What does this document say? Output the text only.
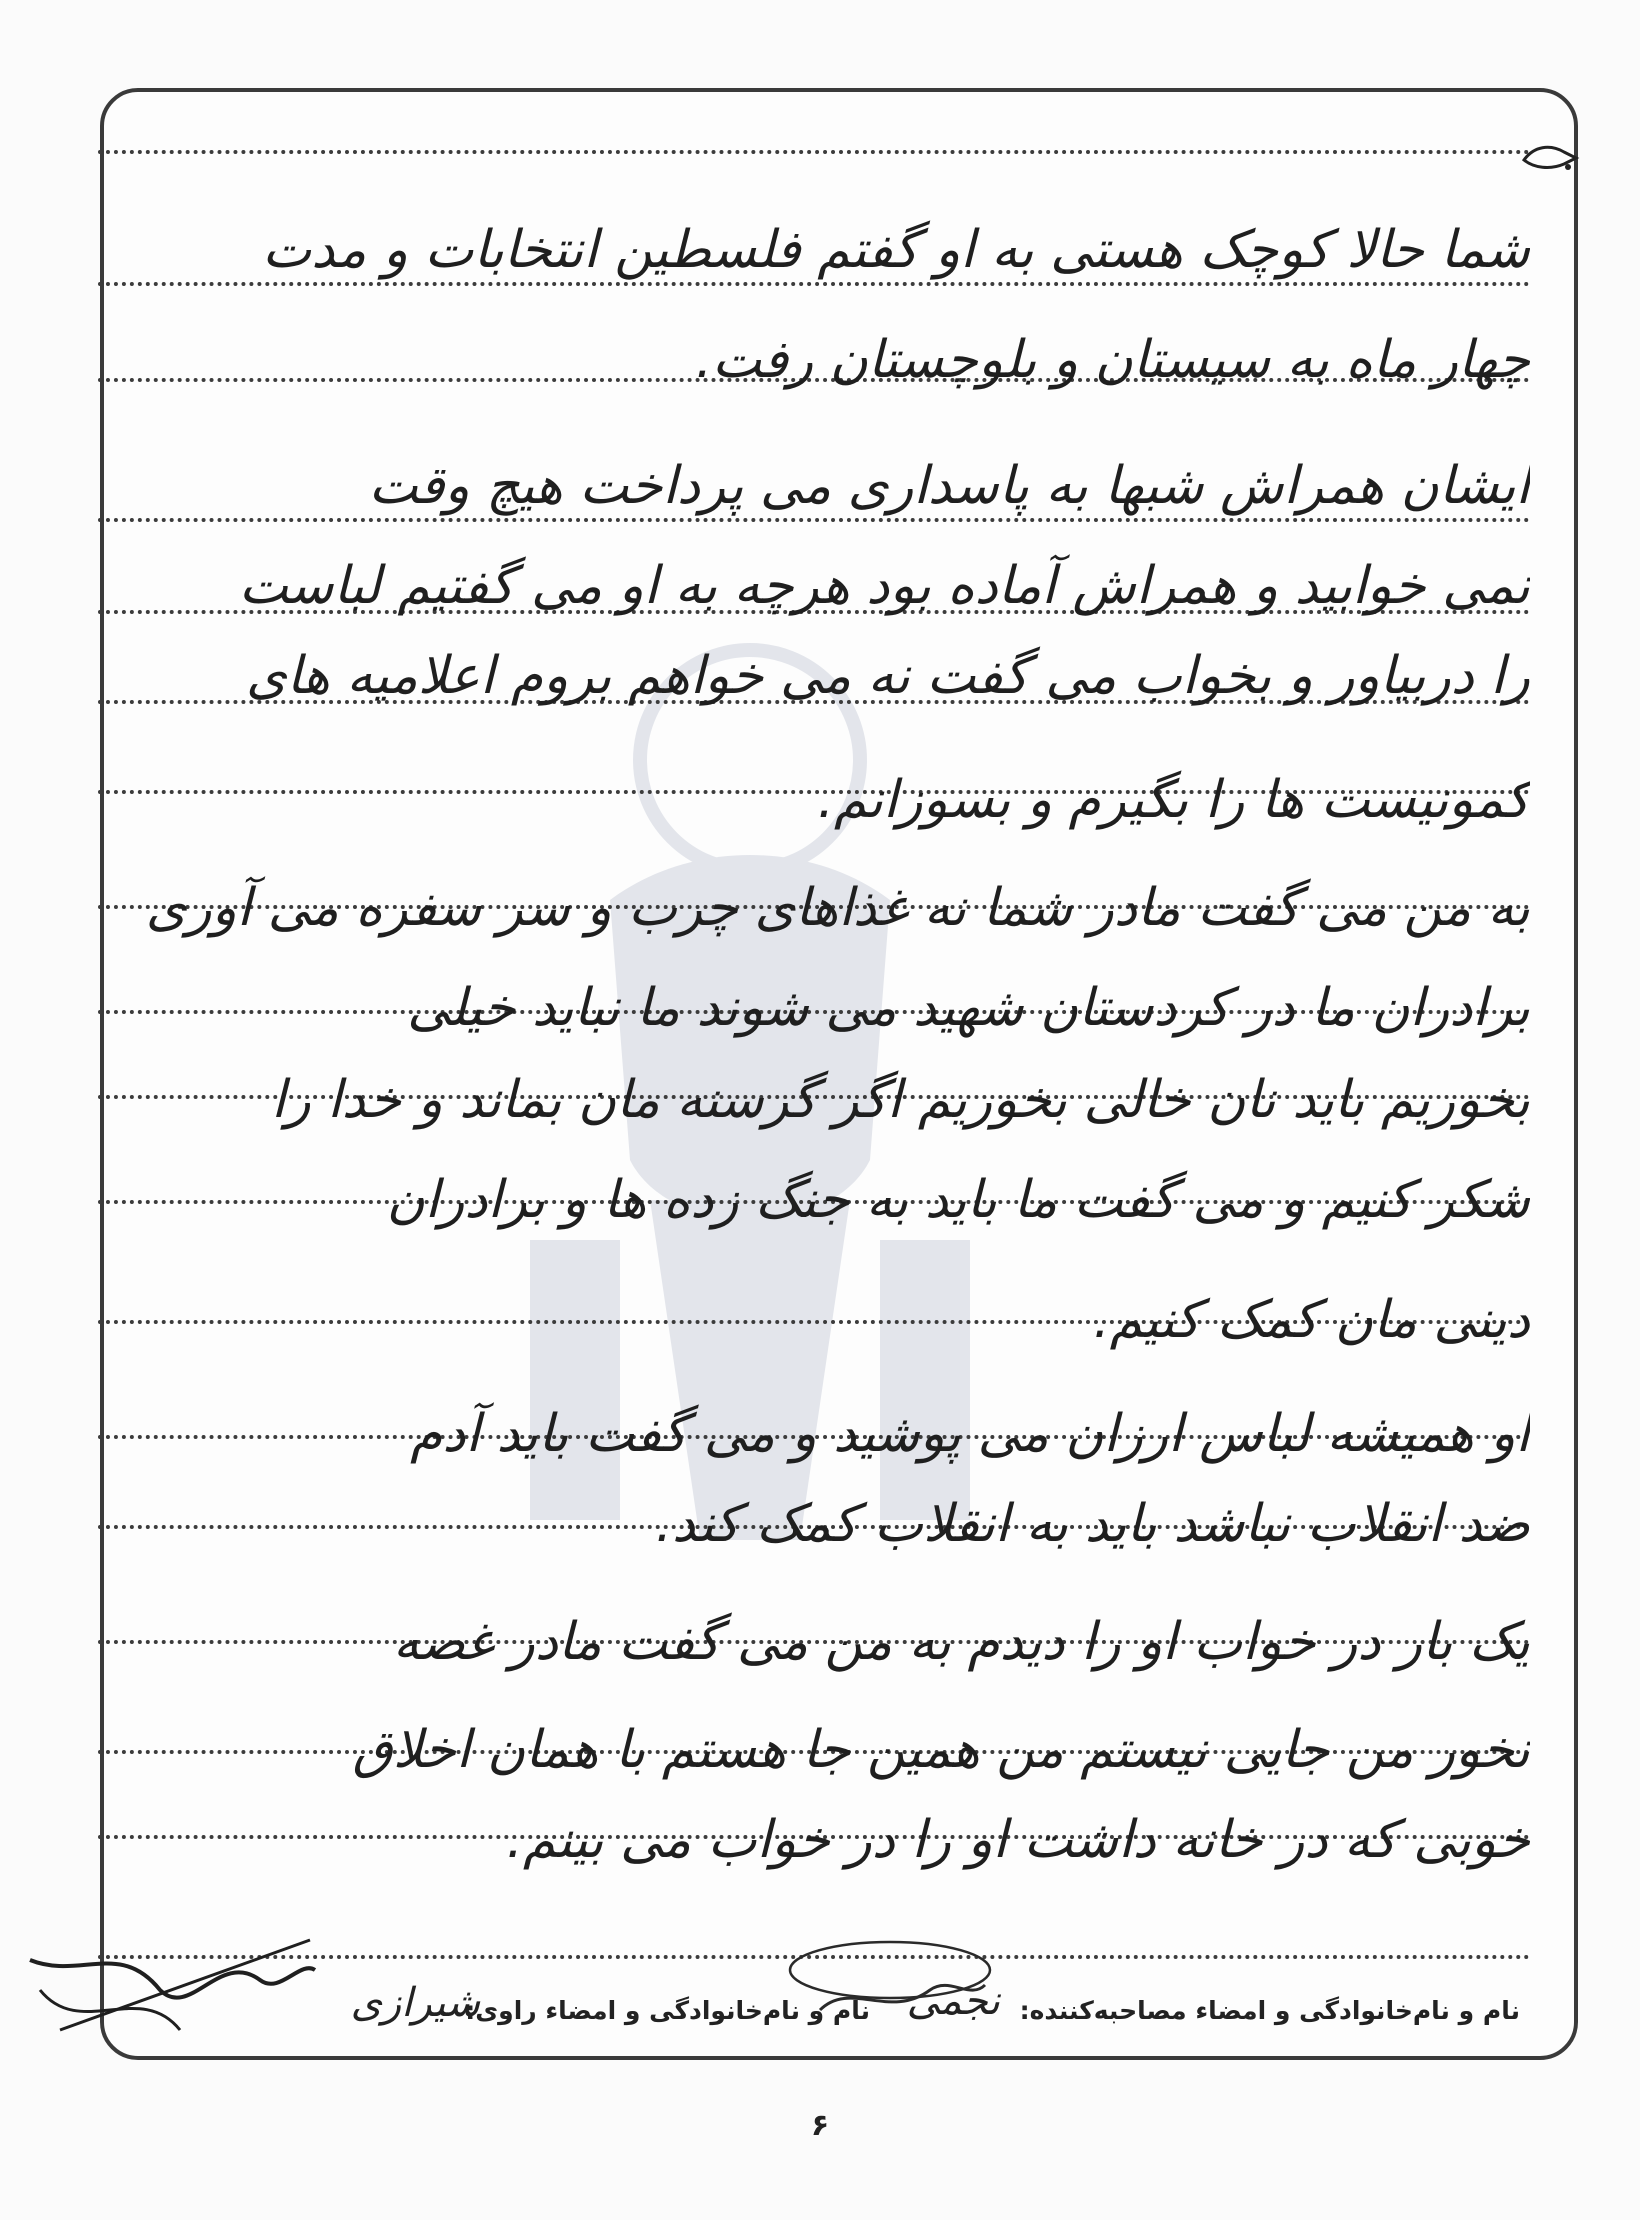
شما حالا کوچک هستی به او گفتم فلسطین انتخابات و مدت
چهار ماه به سیستان و بلوچستان رفت.
ایشان همراش شبها به پاسداری می پرداخت هیچ وقت
نمی خوابید و همراش آماده بود هرچه به او می گفتیم لباست
را دربیاور و بخواب می گفت نه می خواهم بروم اعلامیه های
کمونیست ها را بگیرم و بسوزانم.
به من می گفت مادر شما نه غذاهای چرب و سر سفره می آوری
برادران ما در کردستان شهید می شوند ما نباید خیلی
بخوریم باید نان خالی بخوریم اگر گرسنه مان بماند و خدا را
شکر کنیم و می گفت ما باید به جنگ زده ها و برادران
دینی مان کمک کنیم.
او همیشه لباس ارزان می پوشید و می گفت باید آدم
ضد انقلاب نباشد باید به انقلاب کمک کند.
یک بار در خواب او را دیدم به من می گفت مادر غصه
نخور من جایی نیستم من همین جا هستم با همان اخلاق
خوبی که در خانه داشت او را در خواب می بینم.
نام و نام‌خانوادگی و امضاء مصاحبه‌کننده:
نجمی
نام و نام‌خانوادگی و امضاء راوی:
شیرازی
۶
